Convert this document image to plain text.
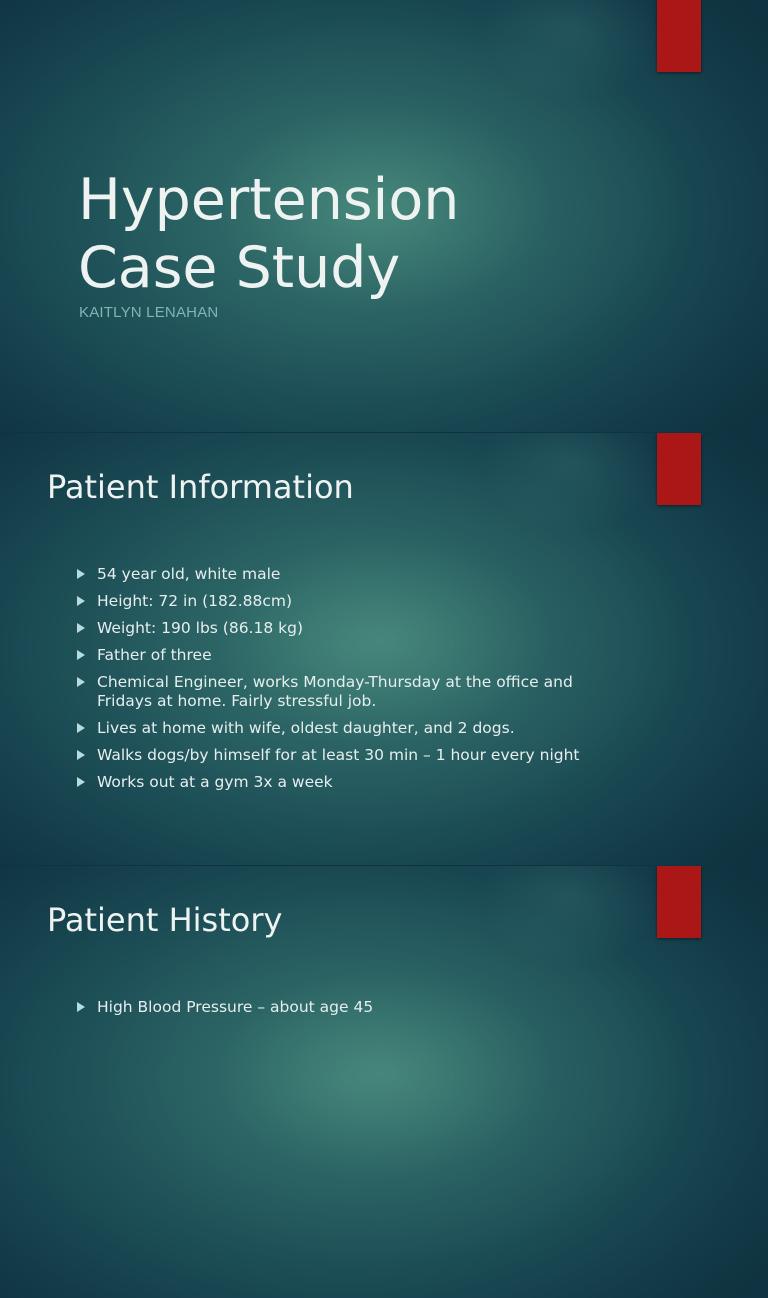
Hypertension
Case Study
KAITLYN LENAHAN
Patient Information
54 year old, white male
Height: 72 in (182.88cm)
Weight: 190 lbs (86.18 kg)
Father of three
Chemical Engineer, works Monday-Thursday at the office and Fridays at home. Fairly stressful job.
Lives at home with wife, oldest daughter, and 2 dogs.
Walks dogs/by himself for at least 30 min – 1 hour every night
Works out at a gym 3x a week
Patient History
High Blood Pressure – about age 45
